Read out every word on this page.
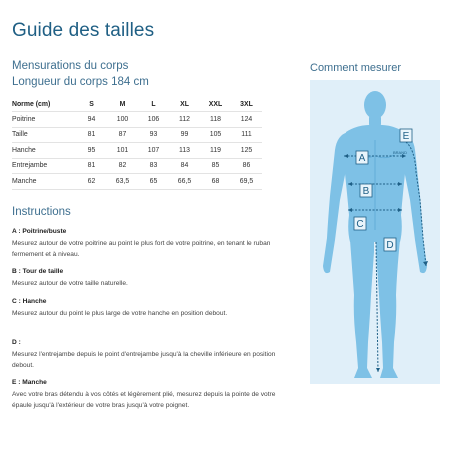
Guide des tailles
Mensurations du corps
Longueur du corps 184 cm
Norme (cm)	S	M	L	XL	XXL	3XL
Poitrine	94	100	106	112	118	124
Taille	81	87	93	99	105	111
Hanche	95	101	107	113	119	125
Entrejambe	81	82	83	84	85	86
Manche	62	63,5	65	66,5	68	69,5
Instructions
A : Poitrine/buste
Mesurez autour de votre poitrine au point le plus fort de votre poitrine, en tenant le ruban fermement et à niveau.
B : Tour de taille
Mesurez autour de votre taille naturelle.
C : Hanche
Mesurez autour du point le plus large de votre hanche en position debout.
D :
Mesurez l'entrejambe depuis le point d'entrejambe jusqu'à la cheville inférieure en position debout.
E : Manche
Avec votre bras détendu à vos côtés et légèrement plié, mesurez depuis la pointe de votre épaule jusqu'à l'extérieur de votre bras jusqu'à votre poignet.
Comment mesurer
BRAND
A
B
C
D
E
